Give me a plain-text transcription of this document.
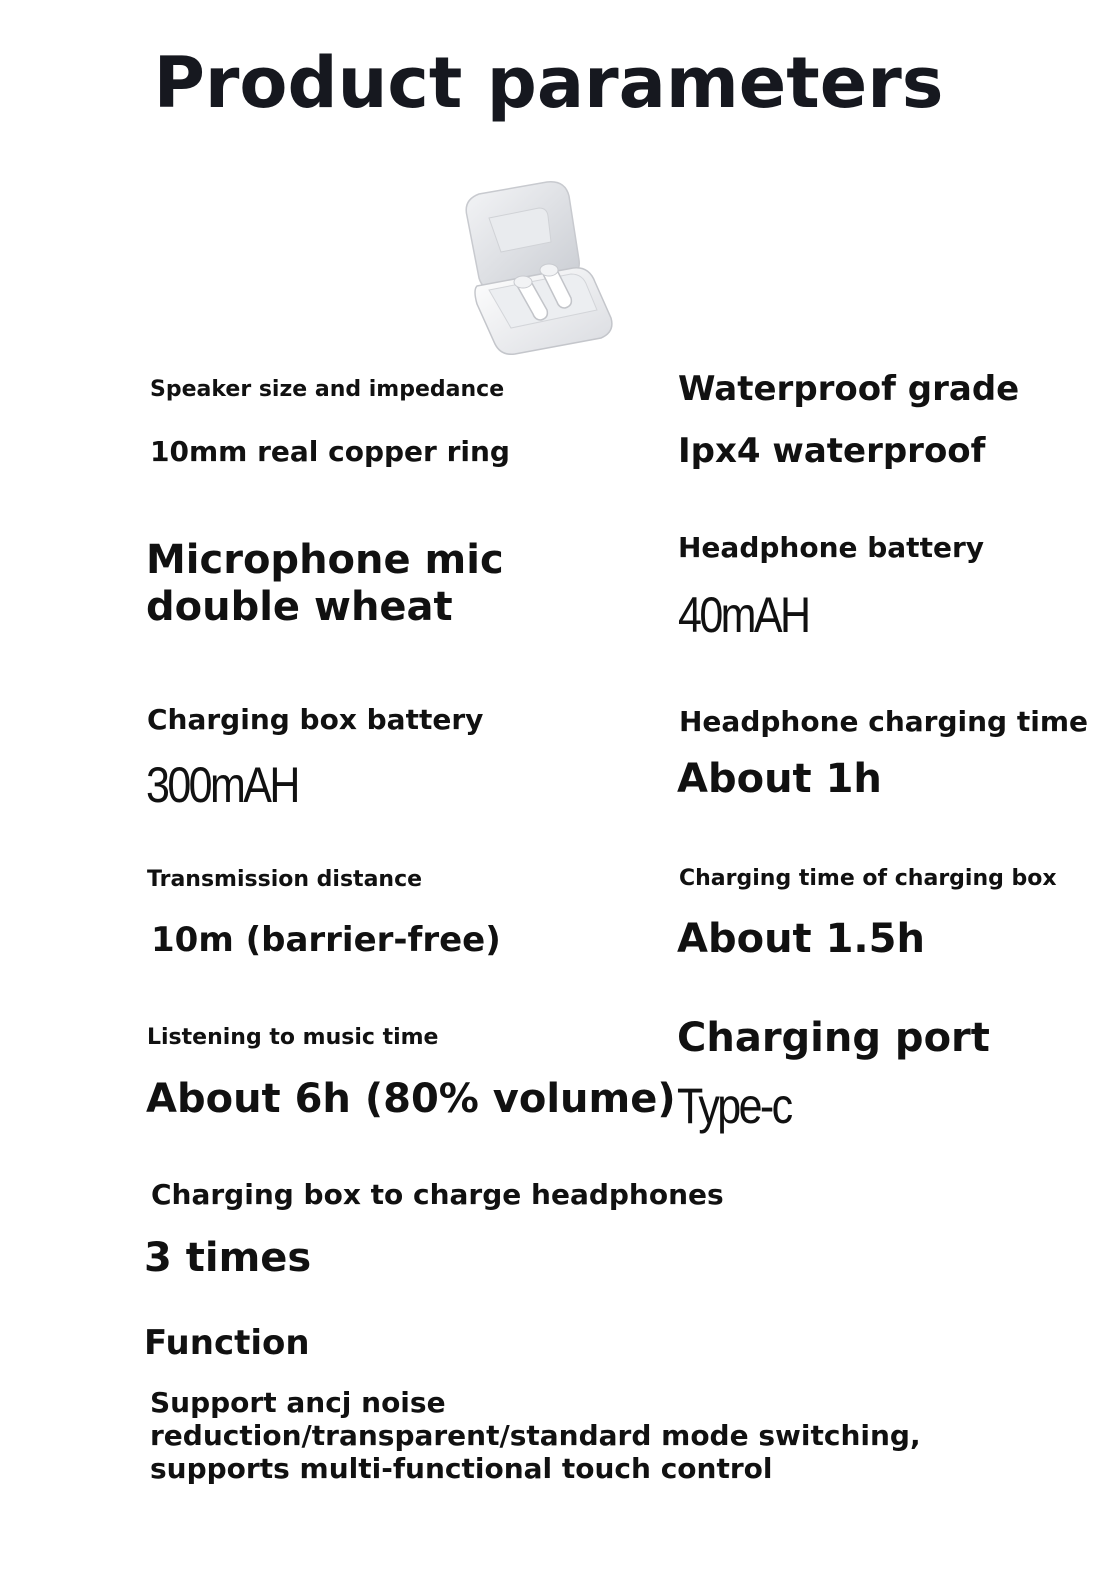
Product parameters

Speaker size and impedance

10mm real copper ring

Waterproof grade

Ipx4 waterproof

Microphone mic

double wheat

Headphone battery

40mAH

Charging box battery

300mAH

Headphone charging time

About 1h

Transmission distance

10m (barrier-free)

Charging time of charging box

About 1.5h

Listening to music time

About 6h (80% volume)

Charging port

Type-c

Charging box to charge headphones

3 times

Function

Support ancj noise

reduction/transparent/standard mode switching,

supports multi-functional touch control
